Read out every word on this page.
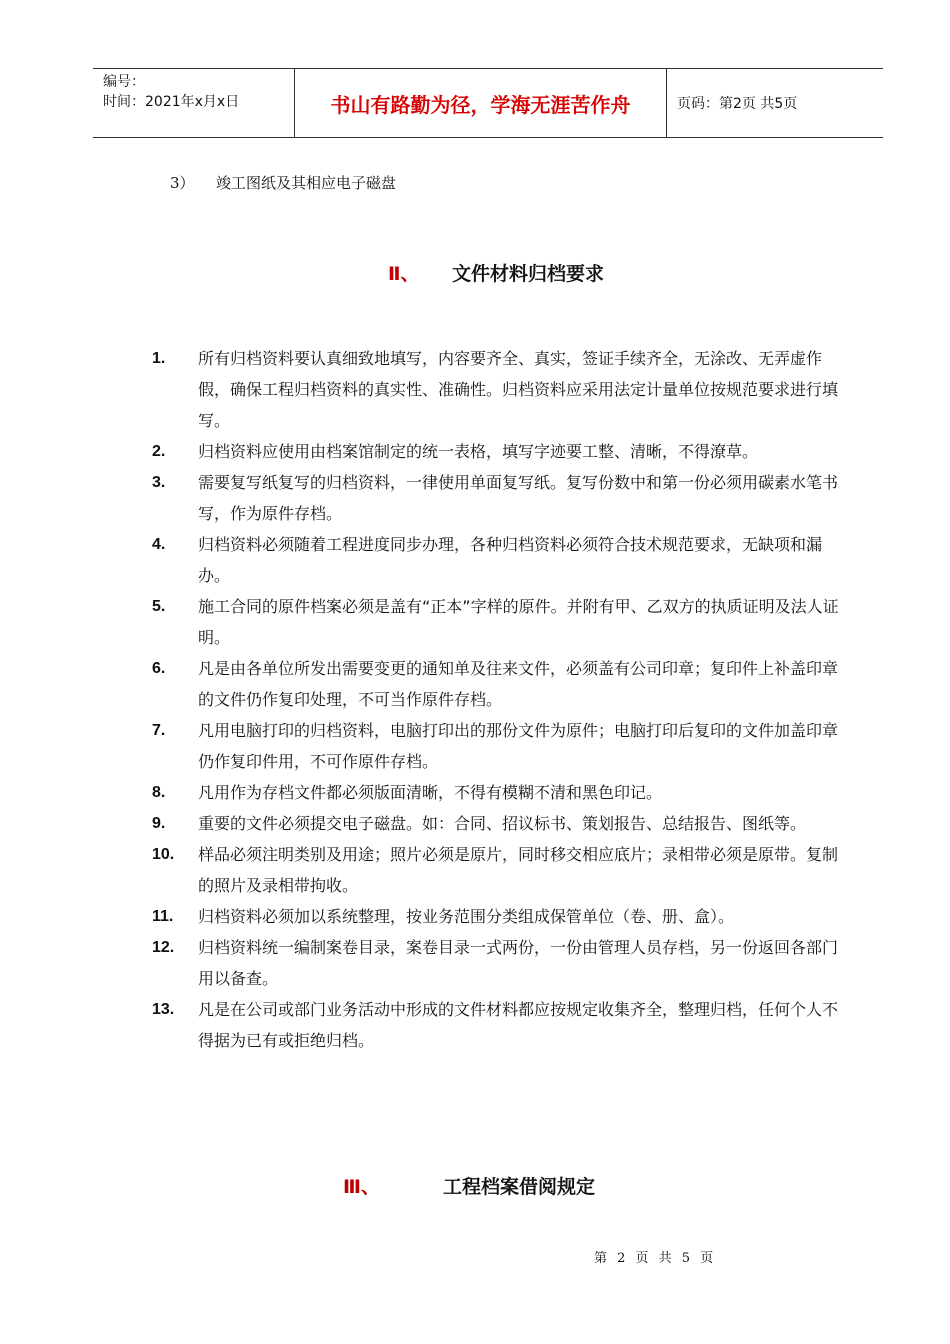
编号：
时间：2021年x月x日	书山有路勤为径，学海无涯苦作舟	页码：第2页 共5页
3） 竣工图纸及其相应电子磁盘
Ⅱ、 文件材料归档要求
1.	所有归档资料要认真细致地填写，内容要齐全、真实，签证手续齐全，无涂改、无弄虚作假，确保工程归档资料的真实性、准确性。归档资料应采用法定计量单位按规范要求进行填写。
2.	归档资料应使用由档案馆制定的统一表格，填写字迹要工整、清晰，不得潦草。
3.	需要复写纸复写的归档资料，一律使用单面复写纸。复写份数中和第一份必须用碳素水笔书写，作为原件存档。
4.	归档资料必须随着工程进度同步办理，各种归档资料必须符合技术规范要求，无缺项和漏办。
5.	施工合同的原件档案必须是盖有“正本”字样的原件。并附有甲、乙双方的执质证明及法人证明。
6.	凡是由各单位所发出需要变更的通知单及往来文件，必须盖有公司印章；复印件上补盖印章的文件仍作复印处理，不可当作原件存档。
7.	凡用电脑打印的归档资料，电脑打印出的那份文件为原件；电脑打印后复印的文件加盖印章仍作复印件用，不可作原件存档。
8.	凡用作为存档文件都必须版面清晰，不得有模糊不清和黑色印记。
9.	重要的文件必须提交电子磁盘。如：合同、招议标书、策划报告、总结报告、图纸等。
10.	样品必须注明类别及用途；照片必须是原片，同时移交相应底片；录相带必须是原带。复制的照片及录相带拘收。
11.	归档资料必须加以系统整理，按业务范围分类组成保管单位（卷、册、盒）。
12.	归档资料统一编制案卷目录，案卷目录一式两份，一份由管理人员存档，另一份返回各部门用以备查。
13.	凡是在公司或部门业务活动中形成的文件材料都应按规定收集齐全，整理归档，任何个人不得据为已有或拒绝归档。
Ⅲ、	工程档案借阅规定
第 2 页 共 5 页
